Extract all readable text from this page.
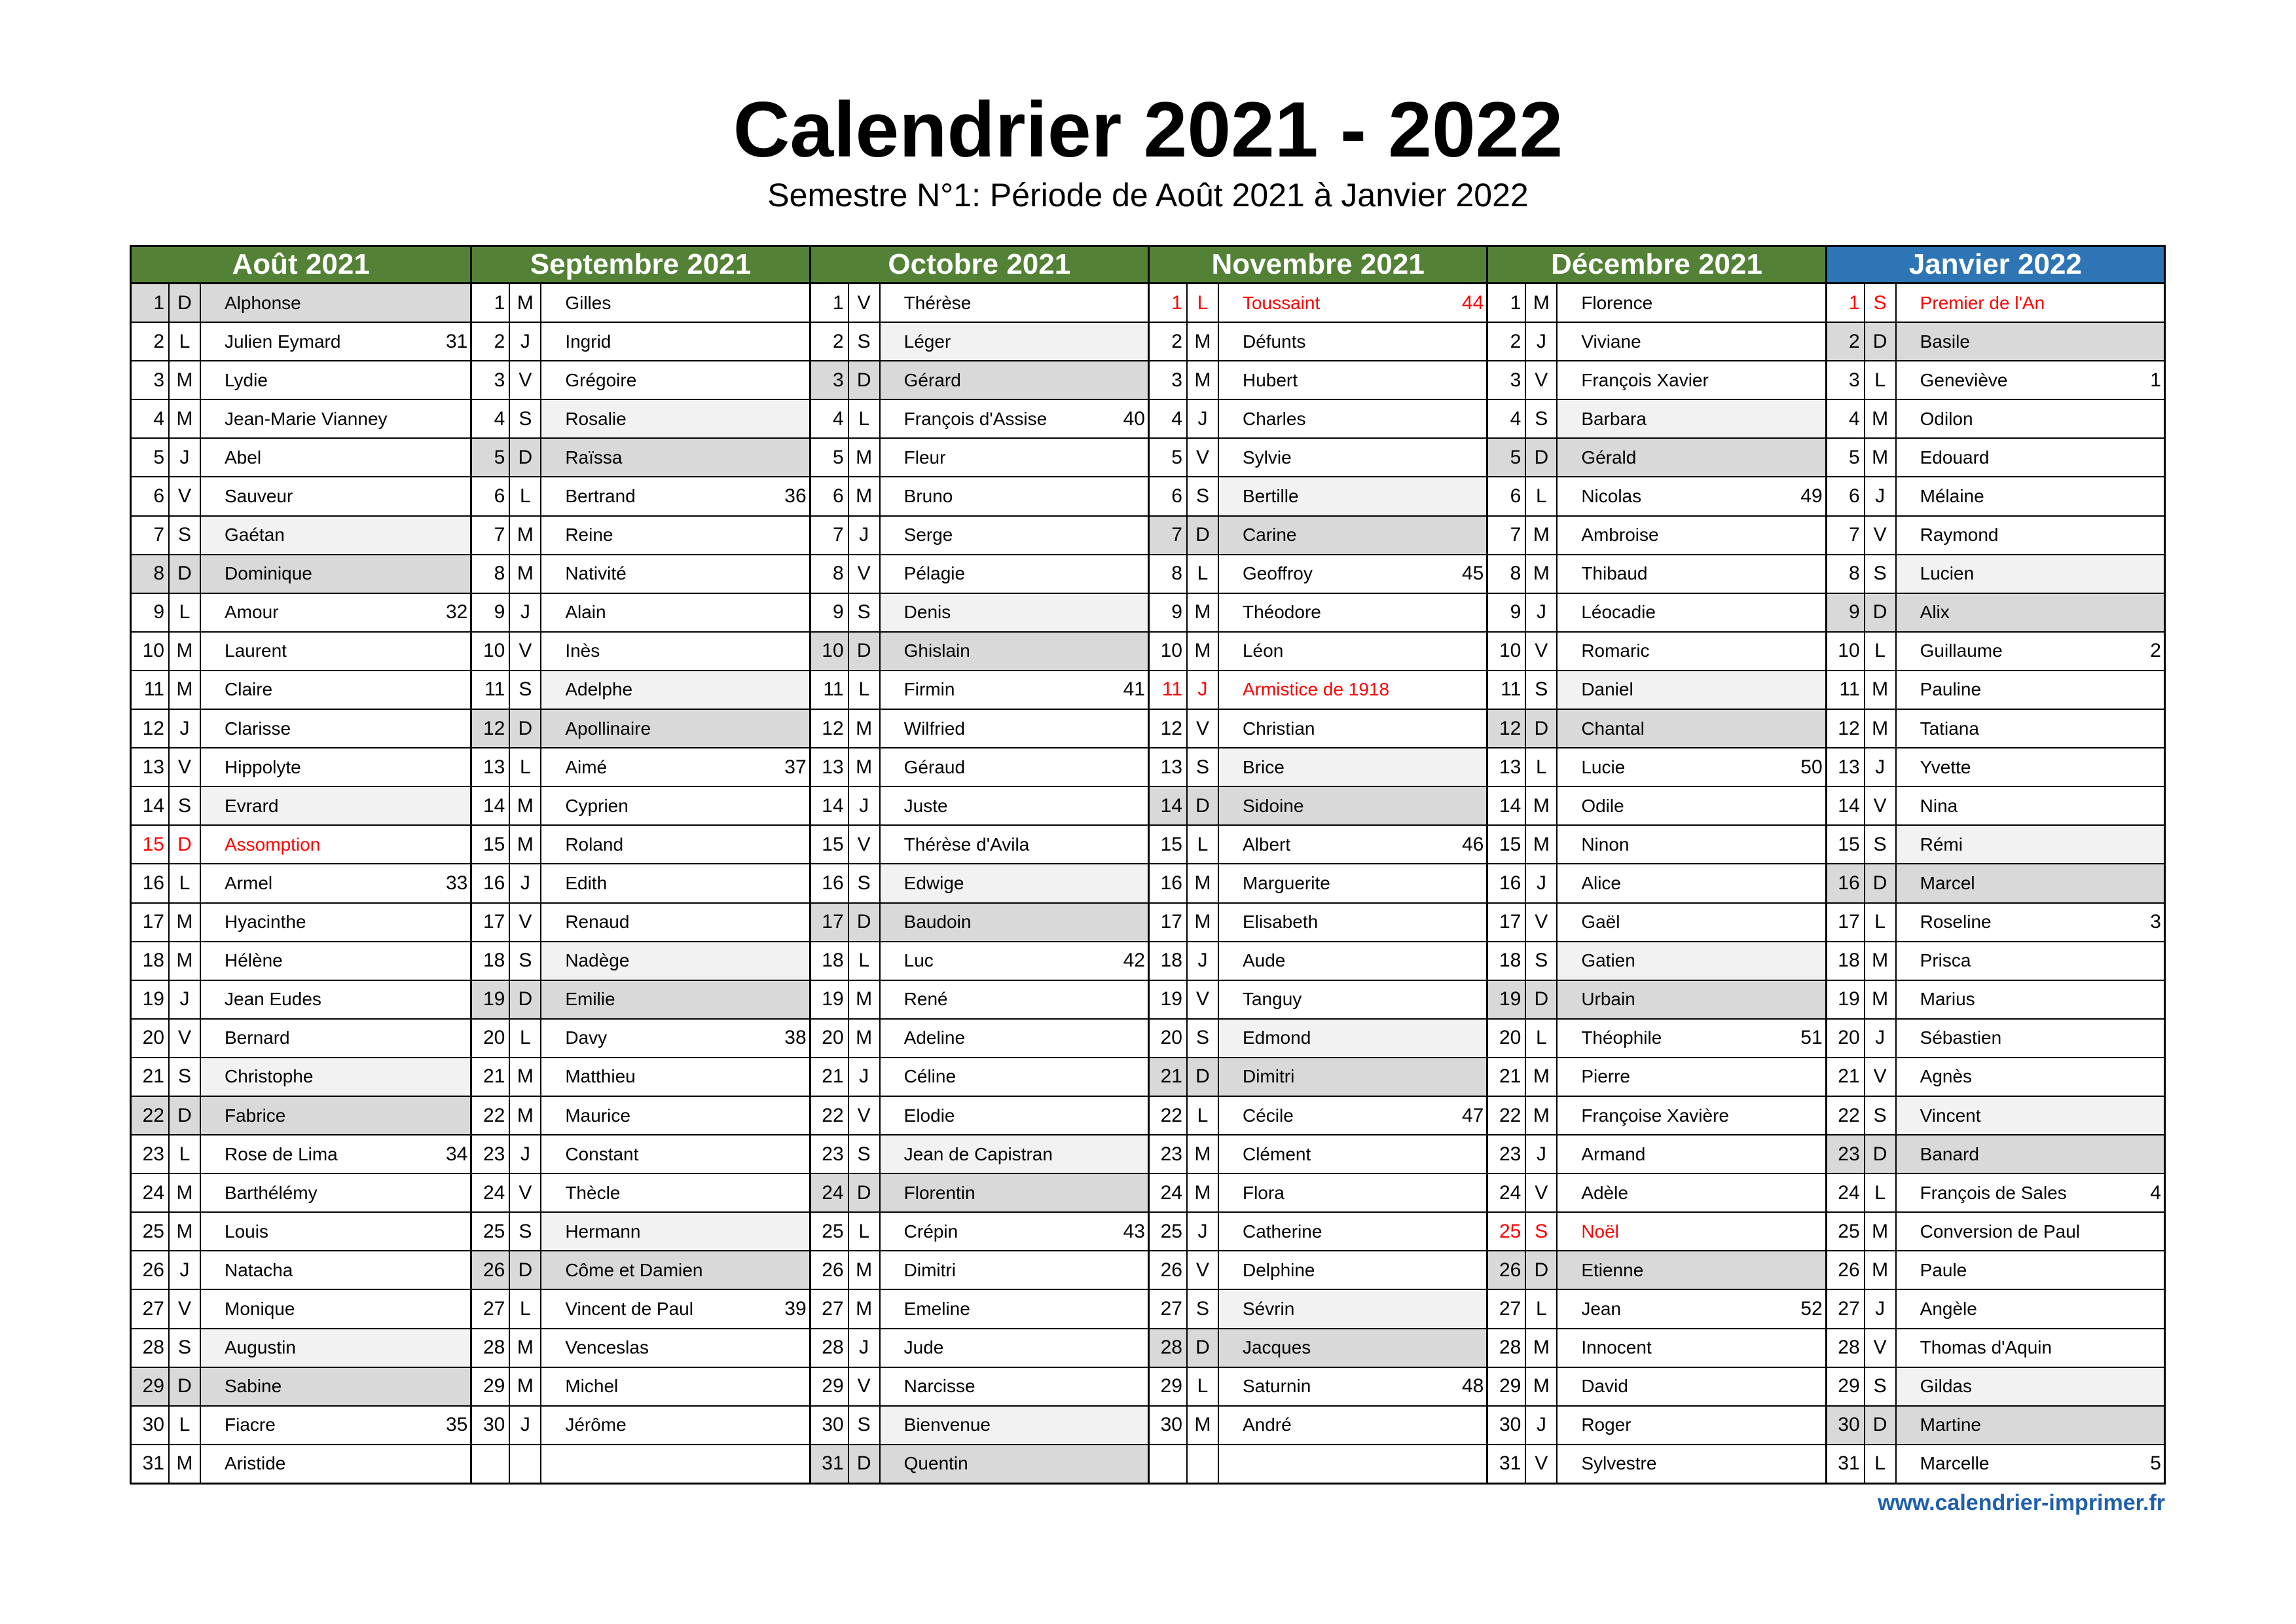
Calendrier 2021 - 2022
Semestre N°1: Période de Août 2021 à Janvier 2022
Août 2021
1 D	Alphonse
2 L	Julien Eymard	31
3 M	Lydie
4 M	Jean-Marie Vianney
5 J	Abel
6 V	Sauveur
7 S	Gaétan
8 D	Dominique
9 L	Amour	32
10 M	Laurent
11 M	Claire
12 J	Clarisse
13 V	Hippolyte
14 S	Evrard
15 D	Assomption
16 L	Armel	33
17 M	Hyacinthe
18 M	Hélène
19 J	Jean Eudes
20 V	Bernard
21 S	Christophe
22 D	Fabrice
23 L	Rose de Lima	34
24 M	Barthélémy
25 M	Louis
26 J	Natacha
27 V	Monique
28 S	Augustin
29 D	Sabine
30 L	Fiacre	35
31 M	Aristide
Septembre 2021
1 M	Gilles
2 J	Ingrid
3 V	Grégoire
4 S	Rosalie
5 D	Raïssa
6 L	Bertrand	36
7 M	Reine
8 M	Nativité
9 J	Alain
10 V	Inès
11 S	Adelphe
12 D	Apollinaire
13 L	Aimé	37
14 M	Cyprien
15 M	Roland
16 J	Edith
17 V	Renaud
18 S	Nadège
19 D	Emilie
20 L	Davy	38
21 M	Matthieu
22 M	Maurice
23 J	Constant
24 V	Thècle
25 S	Hermann
26 D	Côme et Damien
27 L	Vincent de Paul	39
28 M	Venceslas
29 M	Michel
30 J	Jérôme
Octobre 2021
1 V	Thérèse
2 S	Léger
3 D	Gérard
4 L	François d'Assise	40
5 M	Fleur
6 M	Bruno
7 J	Serge
8 V	Pélagie
9 S	Denis
10 D	Ghislain
11 L	Firmin	41
12 M	Wilfried
13 M	Géraud
14 J	Juste
15 V	Thérèse d'Avila
16 S	Edwige
17 D	Baudoin
18 L	Luc	42
19 M	René
20 M	Adeline
21 J	Céline
22 V	Elodie
23 S	Jean de Capistran
24 D	Florentin
25 L	Crépin	43
26 M	Dimitri
27 M	Emeline
28 J	Jude
29 V	Narcisse
30 S	Bienvenue
31 D	Quentin
Novembre 2021
1 L	Toussaint	44
2 M	Défunts
3 M	Hubert
4 J	Charles
5 V	Sylvie
6 S	Bertille
7 D	Carine
8 L	Geoffroy	45
9 M	Théodore
10 M	Léon
11 J	Armistice de 1918
12 V	Christian
13 S	Brice
14 D	Sidoine
15 L	Albert	46
16 M	Marguerite
17 M	Elisabeth
18 J	Aude
19 V	Tanguy
20 S	Edmond
21 D	Dimitri
22 L	Cécile	47
23 M	Clément
24 M	Flora
25 J	Catherine
26 V	Delphine
27 S	Sévrin
28 D	Jacques
29 L	Saturnin	48
30 M	André
Décembre 2021
1 M	Florence
2 J	Viviane
3 V	François Xavier
4 S	Barbara
5 D	Gérald
6 L	Nicolas	49
7 M	Ambroise
8 M	Thibaud
9 J	Léocadie
10 V	Romaric
11 S	Daniel
12 D	Chantal
13 L	Lucie	50
14 M	Odile
15 M	Ninon
16 J	Alice
17 V	Gaël
18 S	Gatien
19 D	Urbain
20 L	Théophile	51
21 M	Pierre
22 M	Françoise Xavière
23 J	Armand
24 V	Adèle
25 S	Noël
26 D	Etienne
27 L	Jean	52
28 M	Innocent
29 M	David
30 J	Roger
31 V	Sylvestre
Janvier 2022
1 S	Premier de l'An
2 D	Basile
3 L	Geneviève	1
4 M	Odilon
5 M	Edouard
6 J	Mélaine
7 V	Raymond
8 S	Lucien
9 D	Alix
10 L	Guillaume	2
11 M	Pauline
12 M	Tatiana
13 J	Yvette
14 V	Nina
15 S	Rémi
16 D	Marcel
17 L	Roseline	3
18 M	Prisca
19 M	Marius
20 J	Sébastien
21 V	Agnès
22 S	Vincent
23 D	Banard
24 L	François de Sales	4
25 M	Conversion de Paul
26 M	Paule
27 J	Angèle
28 V	Thomas d'Aquin
29 S	Gildas
30 D	Martine
31 L	Marcelle	5
www.calendrier-imprimer.fr
